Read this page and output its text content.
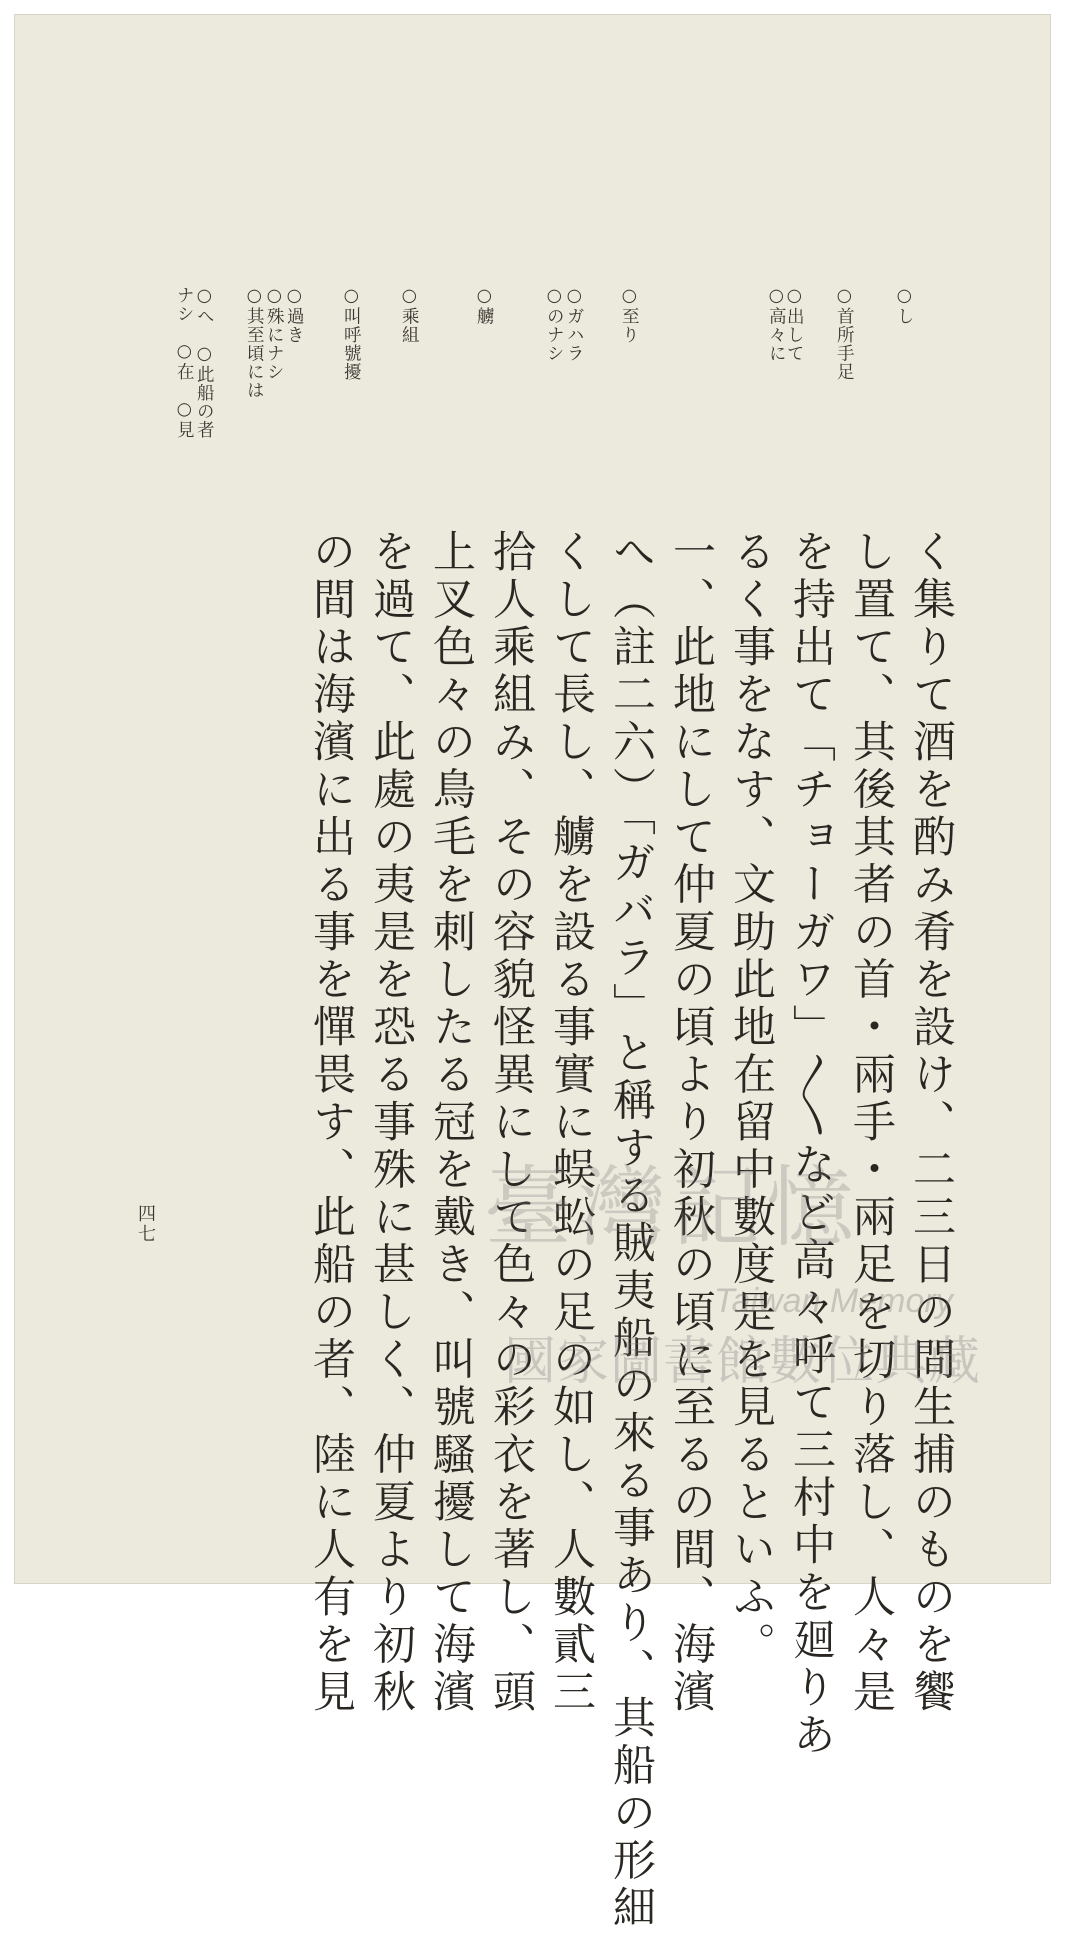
く集りて酒を酌み肴を設け、二三日の間生捕のものを饗
し置て、其後其者の首・兩手・兩足を切り落し、人々是
を持出て「チョーガワ」〱など高々呼て三村中を廻りあ
るく事をなす、文助此地在留中數度是を見るといふ。
一、此地にして仲夏の頃より初秋の頃に至るの間、海濱
へ（註二六）「ガバラ」と稱する賊夷船の來る事あり、其船の形細
くして長し、艣を設る事實に蜈蚣の足の如し、人數貳三
拾人乘組み、その容貌怪異にして色々の彩衣を著し、頭
上叉色々の鳥毛を刺したる冠を戴き、叫號騷擾して海濱
を過て、此處の夷是を恐る事殊に甚しく、仲夏より初秋
の間は海濱に出る事を憚畏す、此船の者、陸に人有を見
○し
○首所手足
○出して
○高々に
○至り
○ガハラ
○のナシ
○艣
○乘組
○叫呼號擾
○過き
○殊にナシ
○其至頃には
○へ　○此船の者
ナシ　○在　○見
四七	臺灣記憶
Taiwan Memory
國家圖書館數位典藏
